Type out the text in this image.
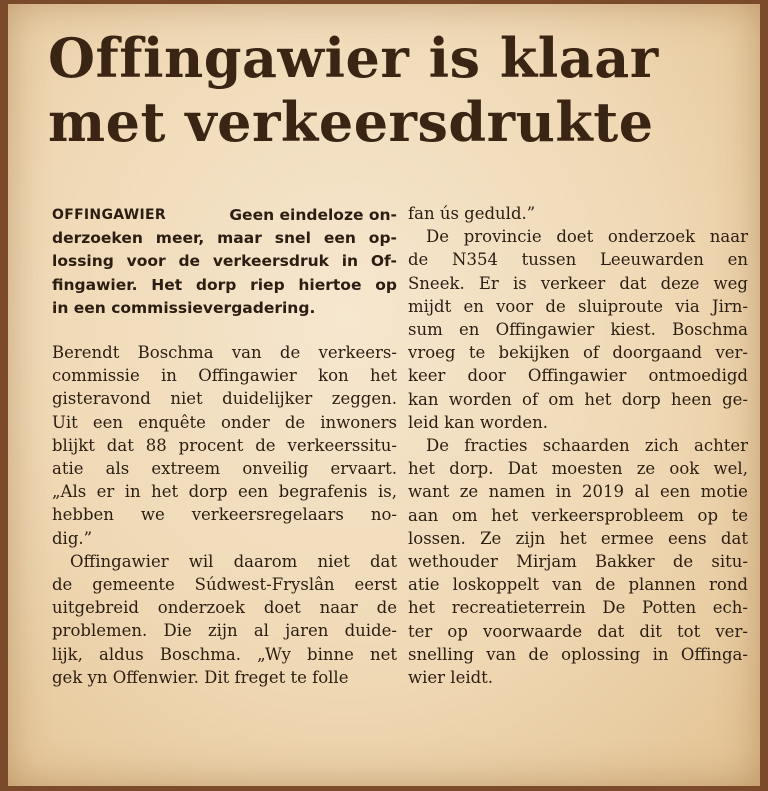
Offingawier is klaar
met verkeersdrukte
OFFINGAWIER	Geen eindeloze on-
derzoeken meer, maar snel een op-
lossing voor de verkeersdruk in Of-
fingawier. Het dorp riep hiertoe op
in een commissievergadering.
Berendt Boschma van de verkeers-
commissie in Offingawier kon het
gisteravond niet duidelijker zeggen.
Uit een enquête onder de inwoners
blijkt dat 88 procent de verkeerssitu-
atie als extreem onveilig ervaart.
„Als er in het dorp een begrafenis is,
hebben we verkeersregelaars no-
dig.”
Offingawier wil daarom niet dat
de gemeente Súdwest-Fryslân eerst
uitgebreid onderzoek doet naar de
problemen. Die zijn al jaren duide-
lijk, aldus Boschma. „Wy binne net
gek yn Offenwier. Dit freget te folle
fan ús geduld.”
De provincie doet onderzoek naar
de N354 tussen Leeuwarden en
Sneek. Er is verkeer dat deze weg
mijdt en voor de sluiproute via Jirn-
sum en Offingawier kiest. Boschma
vroeg te bekijken of doorgaand ver-
keer door Offingawier ontmoedigd
kan worden of om het dorp heen ge-
leid kan worden.
De fracties schaarden zich achter
het dorp. Dat moesten ze ook wel,
want ze namen in 2019 al een motie
aan om het verkeersprobleem op te
lossen. Ze zijn het ermee eens dat
wethouder Mirjam Bakker de situ-
atie loskoppelt van de plannen rond
het recreatieterrein De Potten ech-
ter op voorwaarde dat dit tot ver-
snelling van de oplossing in Offinga-
wier leidt.
